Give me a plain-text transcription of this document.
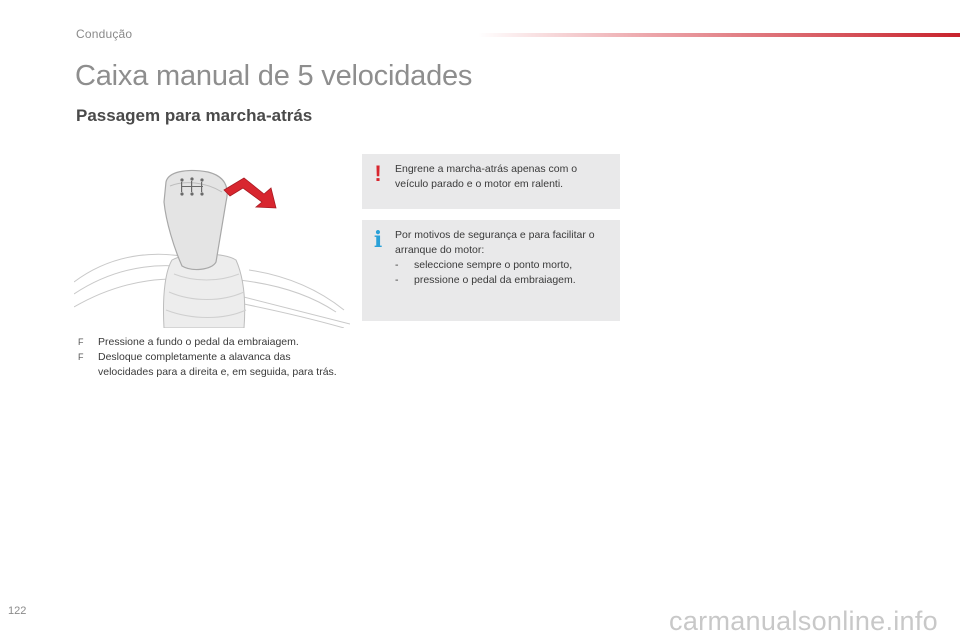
Condução
Caixa manual de 5 velocidades
Passagem para marcha-atrás
F Pressione a fundo o pedal da embraiagem.
F Desloque completamente a alavanca das velocidades para a direita e, em seguida, para trás.
!	Engrene a marcha-atrás apenas com o veículo parado e o motor em ralenti.
i	Por motivos de segurança e para facilitar o arranque do motor:
- seleccione sempre o ponto morto,
- pressione o pedal da embraiagem.
122	carmanualsonline.info
